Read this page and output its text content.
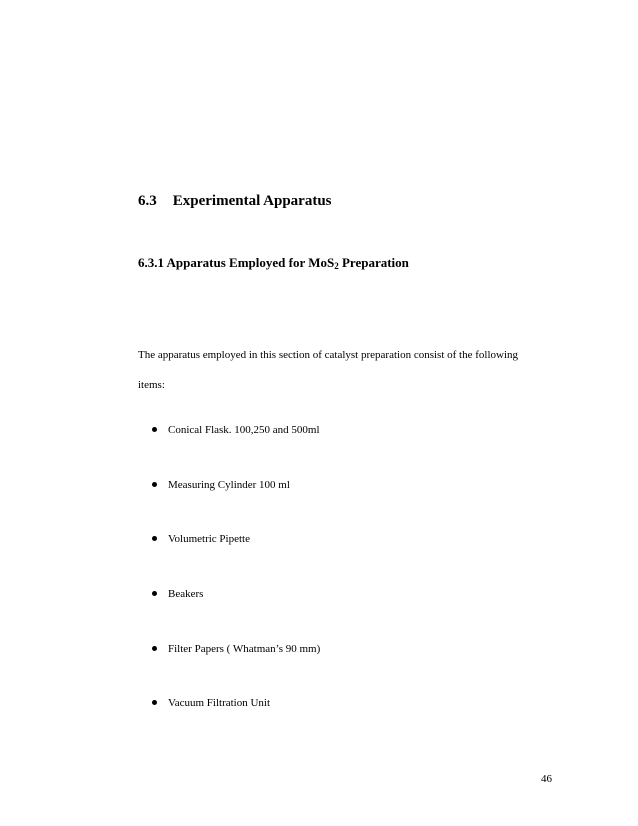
6.3 Experimental Apparatus
6.3.1 Apparatus Employed for MoS$_2$ Preparation
The apparatus employed in this section of catalyst preparation consist of the following
items:
Conical Flask. 100,250 and 500ml
Measuring Cylinder 100 ml
Volumetric Pipette
Beakers
Filter Papers ( Whatman’s 90 mm)
Vacuum Filtration Unit
46
